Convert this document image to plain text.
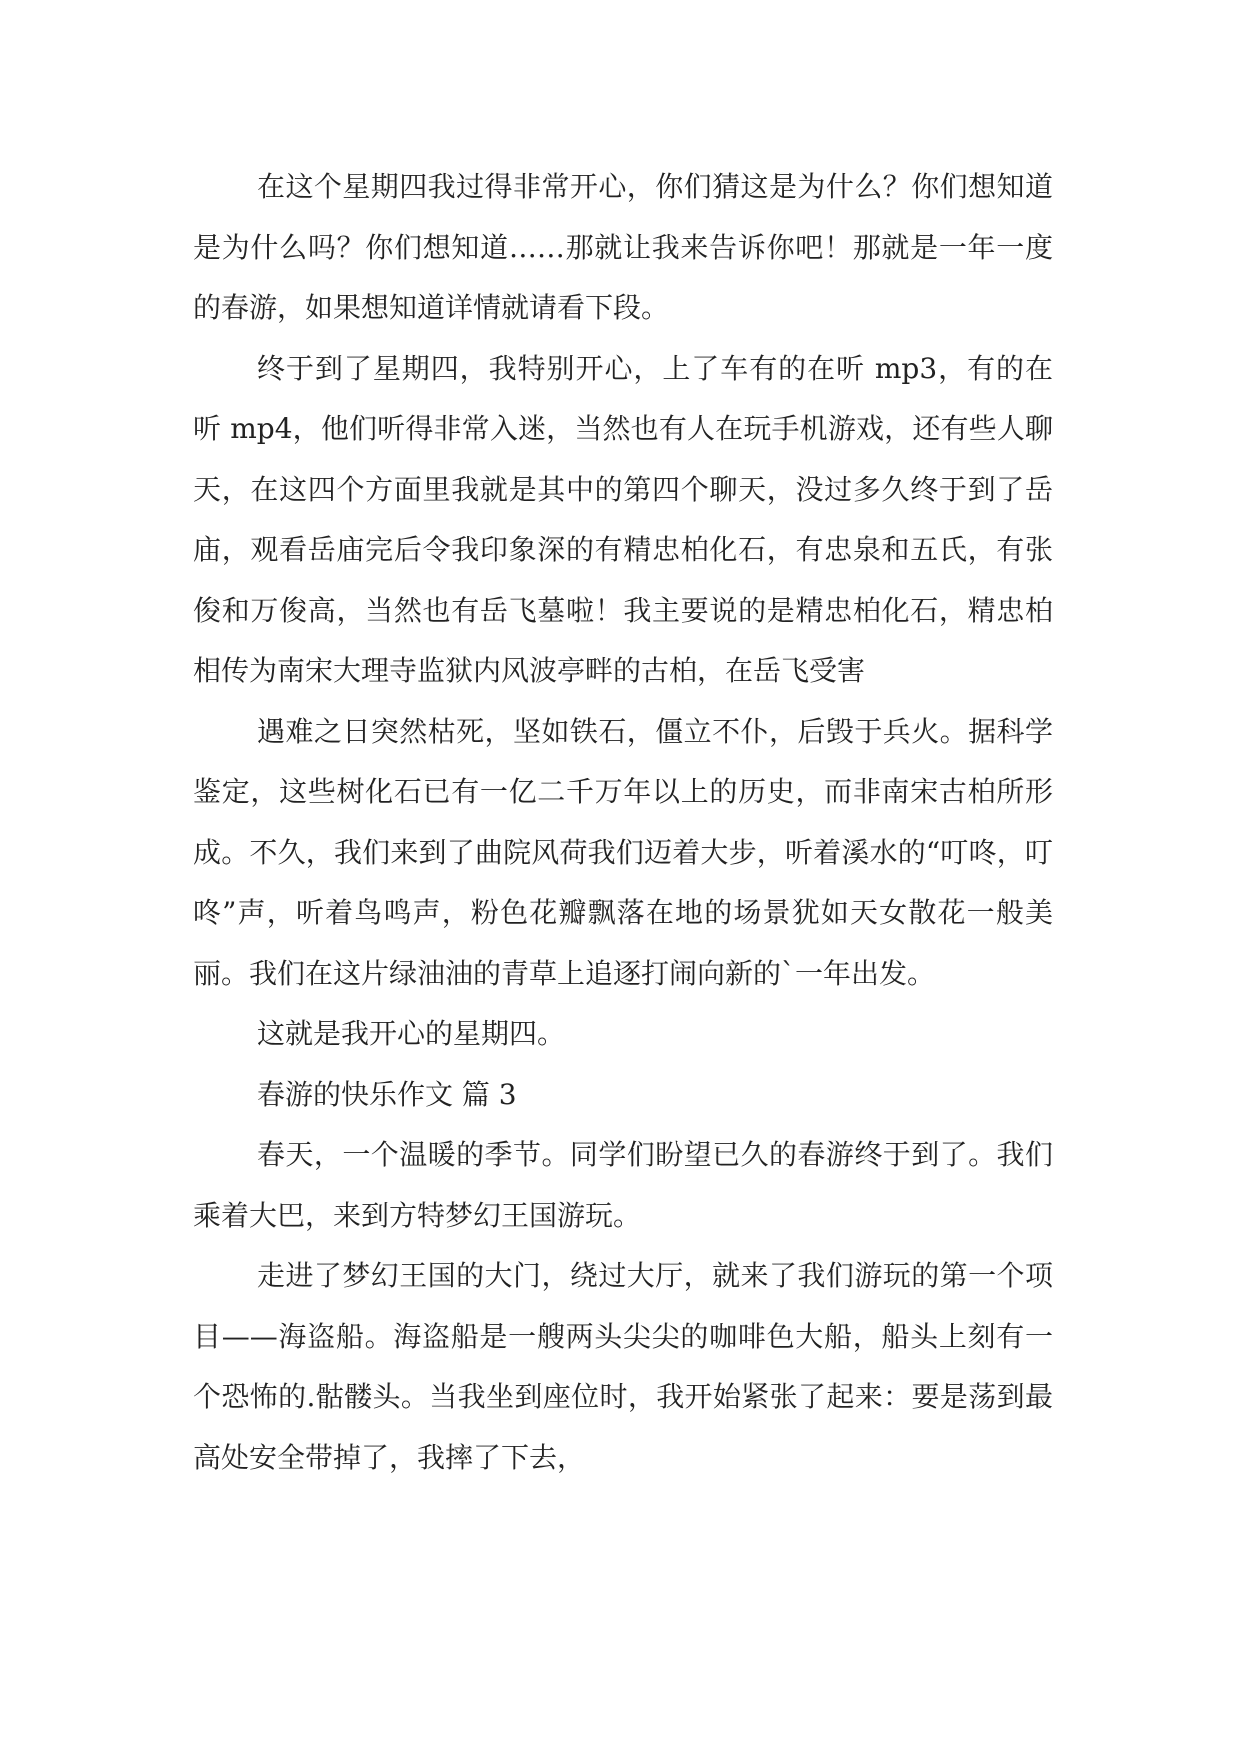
在这个星期四我过得非常开心，你们猜这是为什么？你们想知道是为什么吗？你们想知道……那就让我来告诉你吧！那就是一年一度的春游，如果想知道详情就请看下段。

终于到了星期四，我特别开心，上了车有的在听 mp3，有的在听 mp4，他们听得非常入迷，当然也有人在玩手机游戏，还有些人聊天，在这四个方面里我就是其中的第四个聊天，没过多久终于到了岳庙，观看岳庙完后令我印象深的有精忠柏化石，有忠泉和五氏，有张俊和万俊高，当然也有岳飞墓啦！我主要说的是精忠柏化石，精忠柏相传为南宋大理寺监狱内风波亭畔的古柏，在岳飞受害

遇难之日突然枯死，坚如铁石，僵立不仆，后毁于兵火。据科学鉴定，这些树化石已有一亿二千万年以上的历史，而非南宋古柏所形成。不久，我们来到了曲院风荷我们迈着大步，听着溪水的“叮咚，叮咚”声，听着鸟鸣声，粉色花瓣飘落在地的场景犹如天女散花一般美丽。我们在这片绿油油的青草上追逐打闹向新的`一年出发。

这就是我开心的星期四。

春游的快乐作文 篇 3

春天，一个温暖的季节。同学们盼望已久的春游终于到了。我们乘着大巴，来到方特梦幻王国游玩。

走进了梦幻王国的大门，绕过大厅，就来了我们游玩的第一个项目——海盗船。海盗船是一艘两头尖尖的咖啡色大船，船头上刻有一个恐怖的.骷髅头。当我坐到座位时，我开始紧张了起来：要是荡到最高处安全带掉了，我摔了下去，
